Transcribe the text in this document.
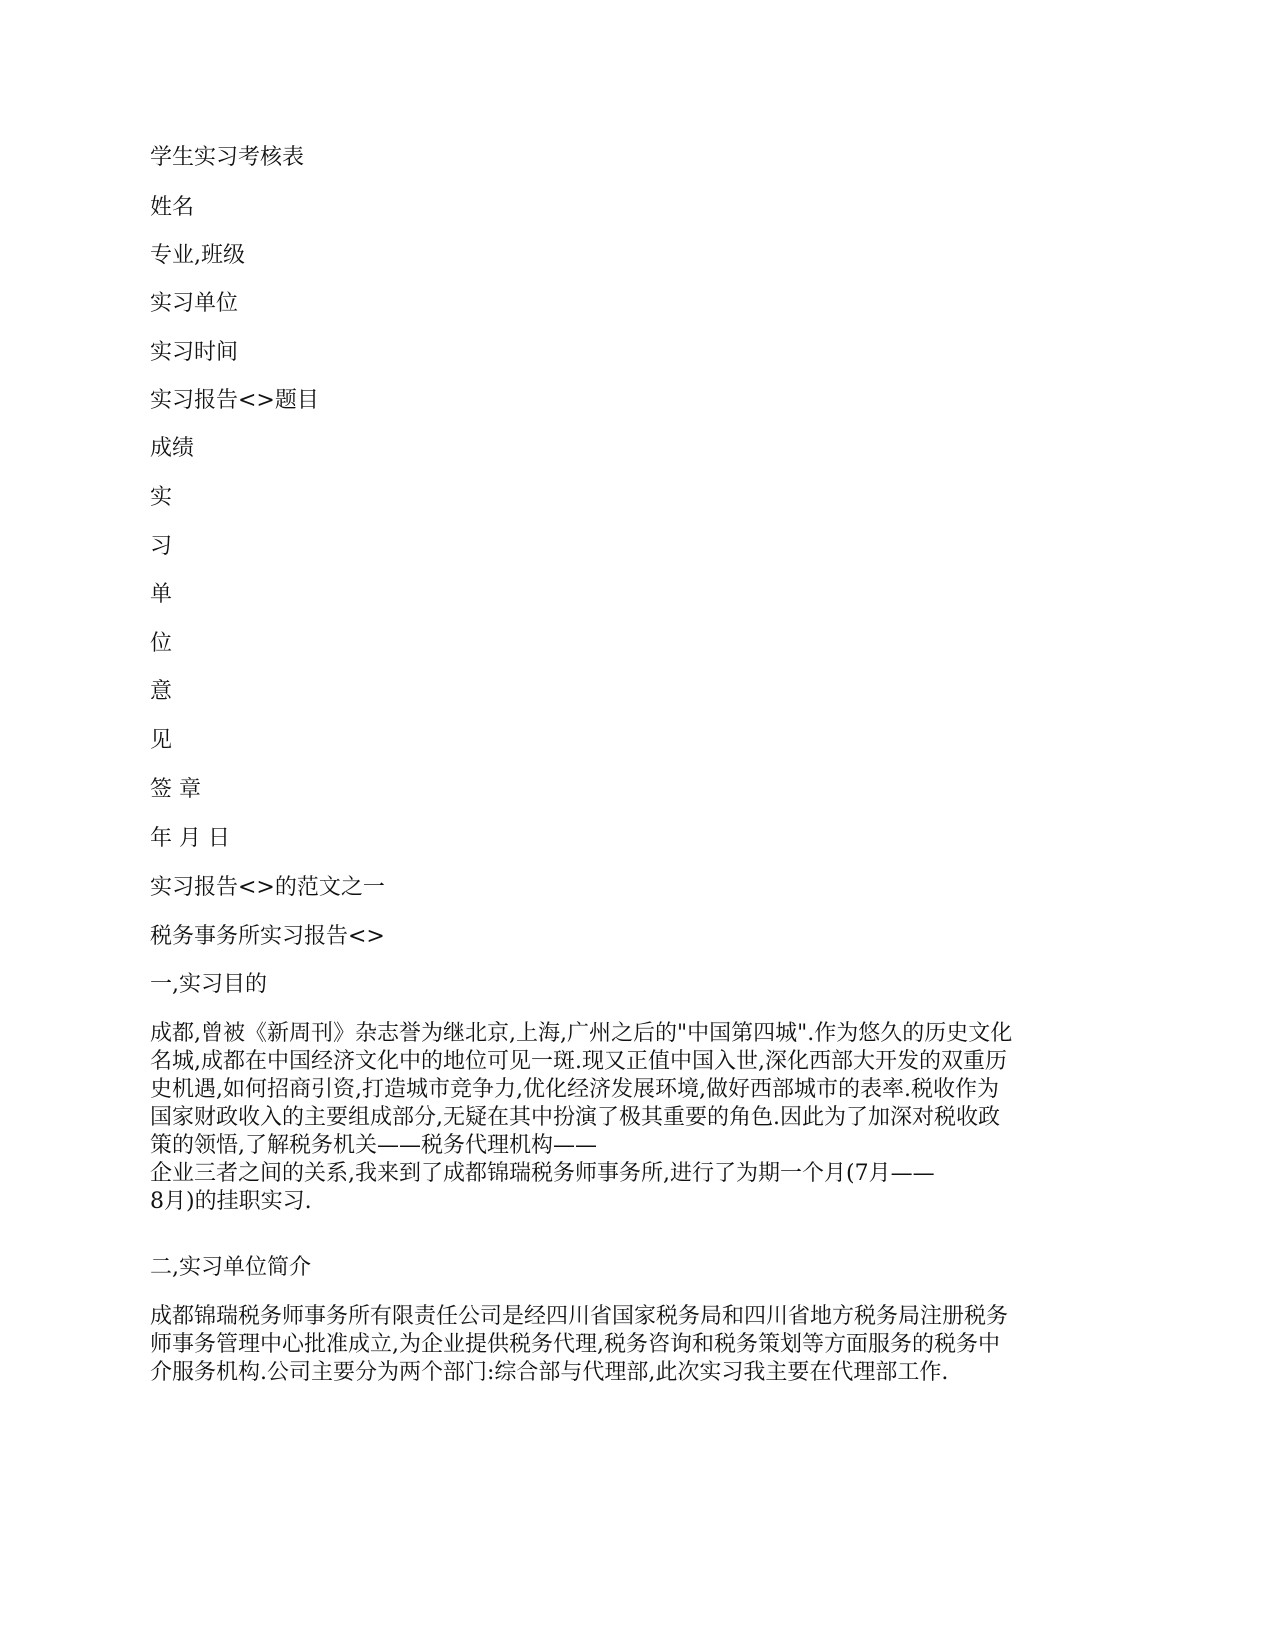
学生实习考核表
姓名
专业,班级
实习单位
实习时间
实习报告<>题目
成绩
实
习
单
位
意
见
签 章
年 月 日
实习报告<>的范文之一
税务事务所实习报告<>
一,实习目的
成都,曾被《新周刊》杂志誉为继北京,上海,广州之后的"中国第四城".作为悠久的历史文化
名城,成都在中国经济文化中的地位可见一斑.现又正值中国入世,深化西部大开发的双重历
史机遇,如何招商引资,打造城市竞争力,优化经济发展环境,做好西部城市的表率.税收作为
国家财政收入的主要组成部分,无疑在其中扮演了极其重要的角色.因此为了加深对税收政
策的领悟,了解税务机关——税务代理机构——
企业三者之间的关系,我来到了成都锦瑞税务师事务所,进行了为期一个月(7月——
8月)的挂职实习.
二,实习单位简介
成都锦瑞税务师事务所有限责任公司是经四川省国家税务局和四川省地方税务局注册税务
师事务管理中心批准成立,为企业提供税务代理,税务咨询和税务策划等方面服务的税务中
介服务机构.公司主要分为两个部门:综合部与代理部,此次实习我主要在代理部工作.
